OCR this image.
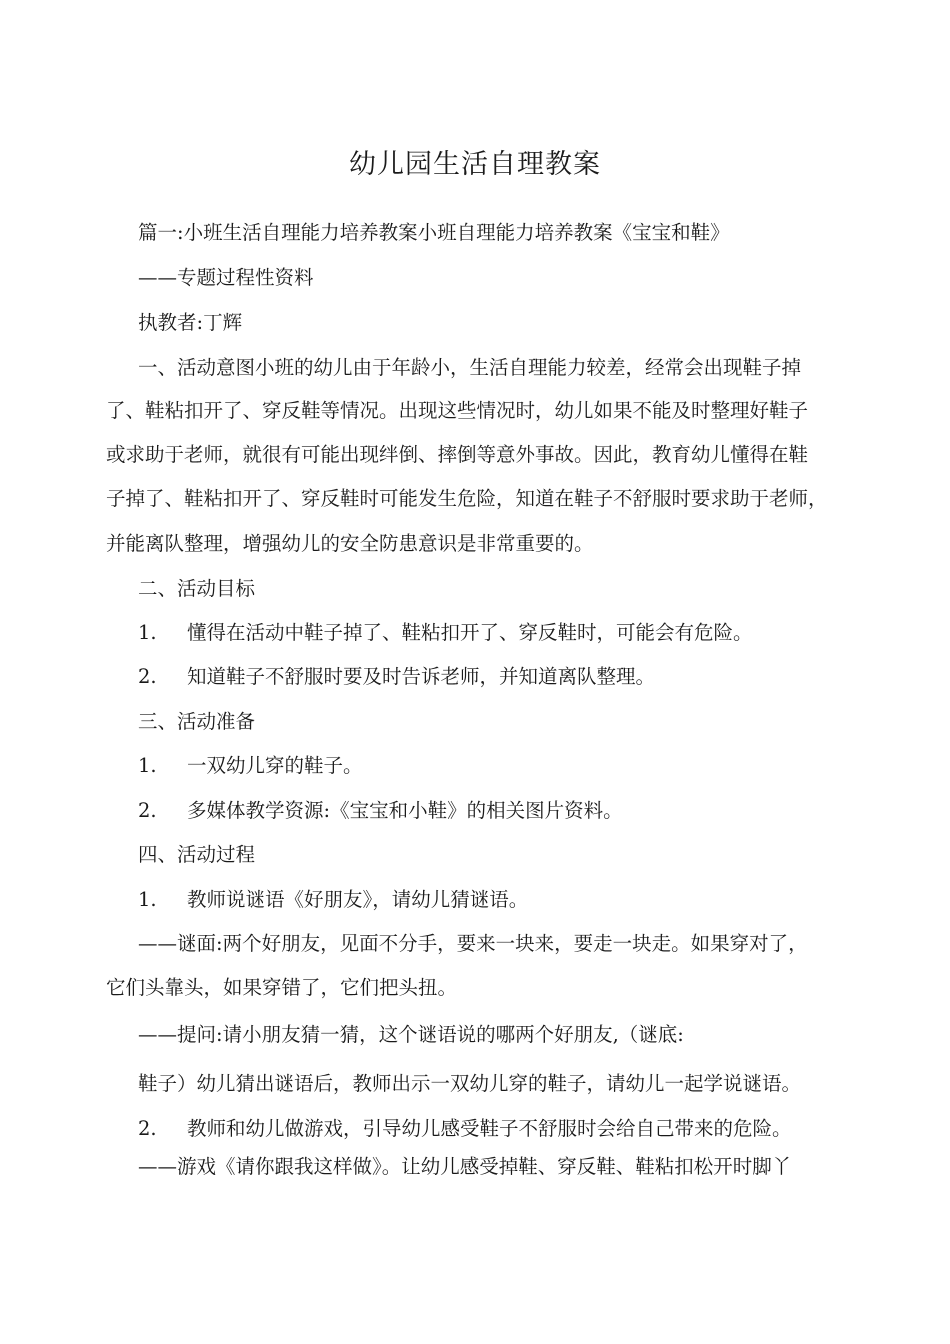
幼儿园生活自理教案
篇一:小班生活自理能力培养教案小班自理能力培养教案《宝宝和鞋》
——专题过程性资料
执教者:丁辉
一、活动意图小班的幼儿由于年龄小，生活自理能力较差，经常会出现鞋子掉
了、鞋粘扣开了、穿反鞋等情况。出现这些情况时，幼儿如果不能及时整理好鞋子
或求助于老师，就很有可能出现绊倒、摔倒等意外事故。因此，教育幼儿懂得在鞋
子掉了、鞋粘扣开了、穿反鞋时可能发生危险，知道在鞋子不舒服时要求助于老师，
并能离队整理，增强幼儿的安全防患意识是非常重要的。
二、活动目标
1. 懂得在活动中鞋子掉了、鞋粘扣开了、穿反鞋时，可能会有危险。
2. 知道鞋子不舒服时要及时告诉老师，并知道离队整理。
三、活动准备
1. 一双幼儿穿的鞋子。
2. 多媒体教学资源:《宝宝和小鞋》的相关图片资料。
四、活动过程
1. 教师说谜语《好朋友》，请幼儿猜谜语。
——谜面:两个好朋友，见面不分手，要来一块来，要走一块走。如果穿对了，
它们头靠头，如果穿错了，它们把头扭。
——提问:请小朋友猜一猜，这个谜语说的哪两个好朋友,（谜底:
鞋子）幼儿猜出谜语后，教师出示一双幼儿穿的鞋子，请幼儿一起学说谜语。
2. 教师和幼儿做游戏，引导幼儿感受鞋子不舒服时会给自己带来的危险。
——游戏《请你跟我这样做》。让幼儿感受掉鞋、穿反鞋、鞋粘扣松开时脚丫
